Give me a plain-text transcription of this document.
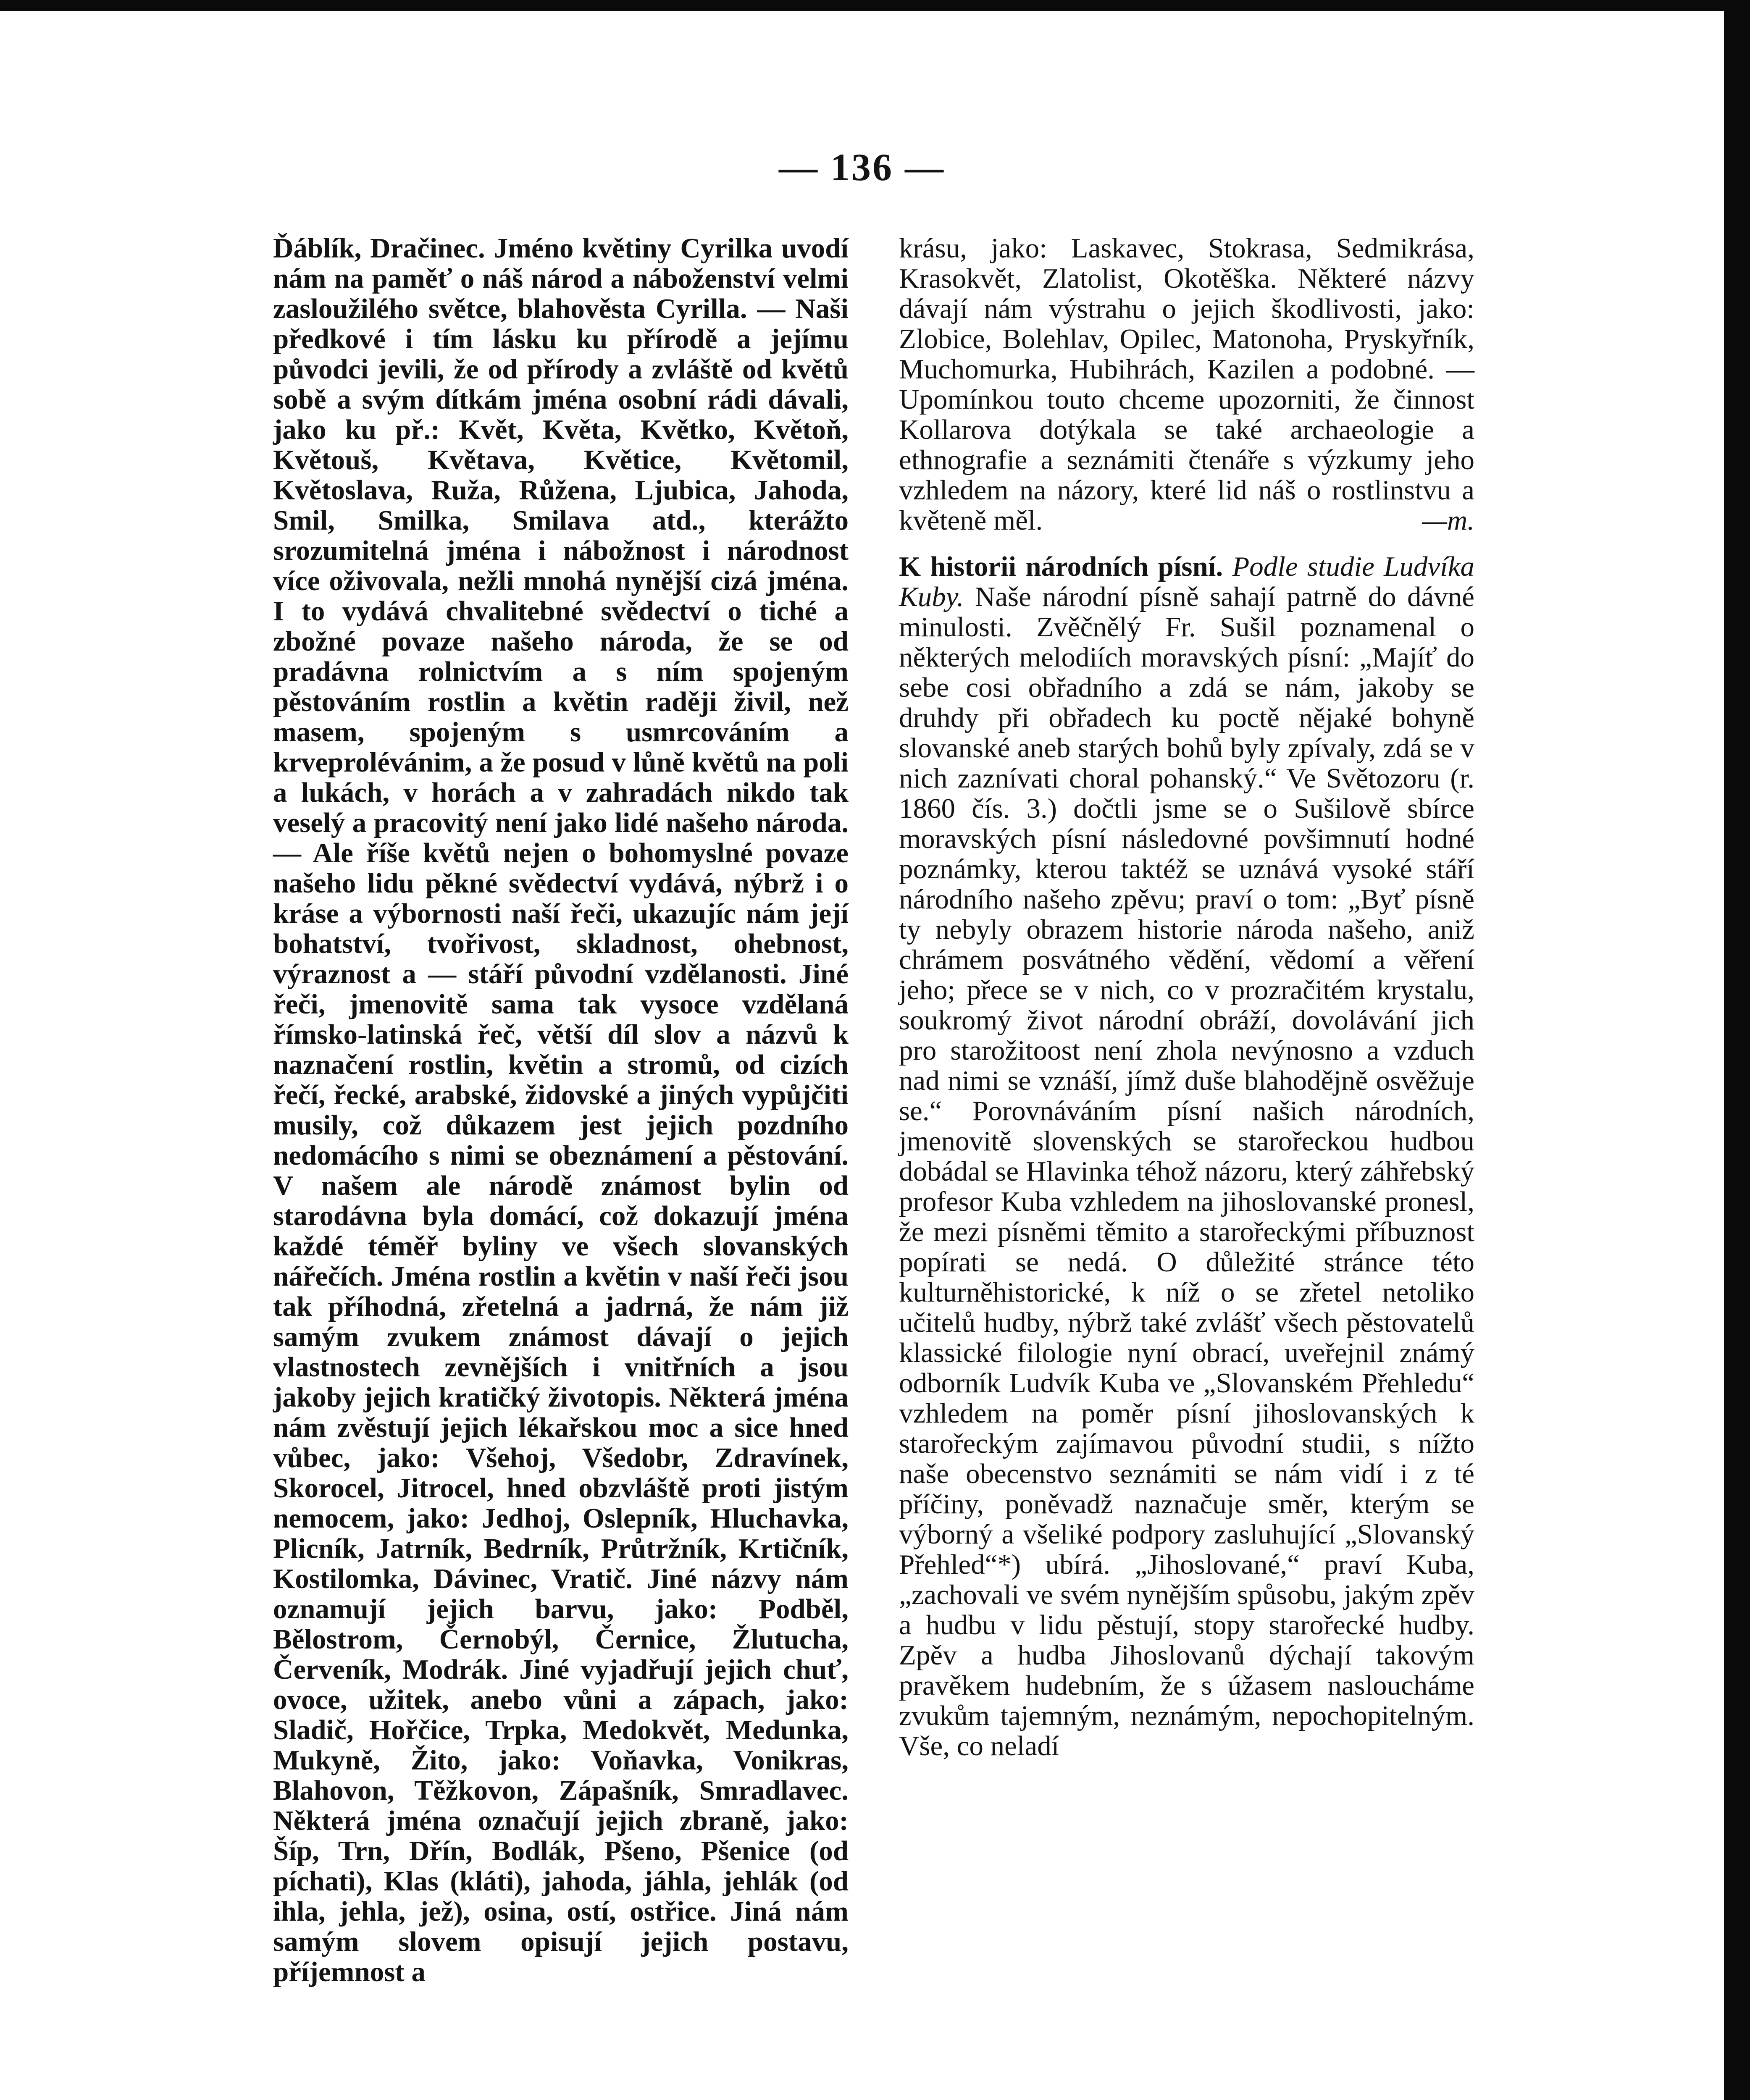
— 136 —
Ďáblík, Dračinec. Jméno květiny Cyrilka uvodí nám na paměť o náš národ a náboženství velmi zasloužilého světce, blahověsta Cyrilla. — Naši předkové i tím lásku ku přírodě a jejímu původci jevili, že od přírody a zvláště od květů sobě a svým dítkám jména osobní rádi dávali, jako ku př.: Květ, Květa, Květko, Květoň, Květouš, Květava, Květice, Květomil, Květoslava, Ruža, Růžena, Ljubica, Jahoda, Smil, Smilka, Smilava atd., kterážto srozumitelná jména i nábožnost i národnost více oživovala, nežli mnohá nynější cizá jména. I to vydává chvalitebné svědectví o tiché a zbožné povaze našeho národa, že se od pradávna rolnictvím a s ním spojeným pěstováním rostlin a květin raději živil, než masem, spojeným s usmrcováním a krveprolévánim, a že posud v lůně květů na poli a lukách, v horách a v zahradách nikdo tak veselý a pracovitý není jako lidé našeho národa. — Ale říše květů nejen o bohomyslné povaze našeho lidu pěkné svědectví vydává, nýbrž i o kráse a výbornosti naší řeči, ukazujíc nám její bohatství, tvořivost, skladnost, ohebnost, výraznost a — stáří původní vzdělanosti. Jiné řeči, jmenovitě sama tak vysoce vzdělaná římsko-latinská řeč, větší díl slov a názvů k naznačení rostlin, květin a stromů, od cizích řečí, řecké, arabské, židovské a jiných vypůjčiti musily, což důkazem jest jejich pozdního nedomácího s nimi se obeznámení a pěstování. V našem ale národě známost bylin od starodávna byla domácí, což dokazují jména každé téměř byliny ve všech slovanských nářečích. Jména rostlin a květin v naší řeči jsou tak příhodná, zřetelná a jadrná, že nám již samým zvukem známost dávají o jejich vlastnostech zevnějších i vnitřních a jsou jakoby jejich kratičký životopis. Některá jména nám zvěstují jejich lékařskou moc a sice hned vůbec, jako: Všehoj, Všedobr, Zdravínek, Skorocel, Jitrocel, hned obzvláště proti jistým nemocem, jako: Jedhoj, Oslepník, Hluchavka, Plicník, Jatrník, Bedrník, Průtržník, Krtičník, Kostilomka, Dávinec, Vratič. Jiné názvy nám oznamují jejich barvu, jako: Podběl, Bělostrom, Černobýl, Černice, Žlutucha, Červeník, Modrák. Jiné vyjadřují jejich chuť, ovoce, užitek, anebo vůni a zápach, jako: Sladič, Hořčice, Trpka, Medokvět, Medunka, Mukyně, Žito, jako: Voňavka, Vonikras, Blahovon, Těžkovon, Zápašník, Smradlavec. Některá jména označují jejich zbraně, jako: Šíp, Trn, Dřín, Bodlák, Pšeno, Pšenice (od píchati), Klas (kláti), jahoda, jáhla, jehlák (od ihla, jehla, jež), osina, ostí, ostřice. Jiná nám samým slovem opisují jejich postavu, příjemnost a
krásu, jako: Laskavec, Stokrasa, Sedmikrása, Krasokvět, Zlatolist, Okotěška. Některé názvy dávají nám výstrahu o jejich škodlivosti, jako: Zlobice, Bolehlav, Opilec, Matonoha, Pryskyřník, Muchomurka, Hubihrách, Kazilen a podobné. — Upomínkou touto chceme upozorniti, že činnost Kollarova dotýkala se také archaeologie a ethnografie a seznámiti čtenáře s výzkumy jeho vzhledem na názory, které lid náš o rostlinstvu a květeně měl.	—m.
K historii národních písní. Podle studie Ludvíka Kuby. Naše národní písně sahají patrně do dávné minulosti. Zvěčnělý Fr. Sušil poznamenal o některých melodiích moravských písní: „Majíť do sebe cosi obřadního a zdá se nám, jakoby se druhdy při obřadech ku poctě nějaké bohyně slovanské aneb starých bohů byly zpívaly, zdá se v nich zaznívati choral pohanský.“ Ve Světozoru (r. 1860 čís. 3.) dočtli jsme se o Sušilově sbírce moravských písní následovné povšimnutí hodné poznámky, kterou taktéž se uznává vysoké stáří národního našeho zpěvu; praví o tom: „Byť písně ty nebyly obrazem historie národa našeho, aniž chrámem posvátného vědění, vědomí a věření jeho; přece se v nich, co v prozračitém krystalu, soukromý život národní obráží, dovolávání jich pro starožitoost není zhola nevýnosno a vzduch nad nimi se vznáší, jímž duše blahodějně osvěžuje se.“ Porovnáváním písní našich národních, jmenovitě slovenských se starořeckou hudbou dobádal se Hlavinka téhož názoru, který záhřebský profesor Kuba vzhledem na jihoslovanské pronesl, že mezi písněmi těmito a starořeckými příbuznost popírati se nedá. O důležité stránce této kulturněhistorické, k níž o se zřetel netoliko učitelů hudby, nýbrž také zvlášť všech pěstovatelů klassické filologie nyní obrací, uveřejnil známý odborník Ludvík Kuba ve „Slovanském Přehledu“ vzhledem na poměr písní jihoslovanských k starořeckým zajímavou původní studii, s nížto naše obecenstvo seznámiti se nám vidí i z té příčiny, poněvadž naznačuje směr, kterým se výborný a všeliké podpory zasluhující „Slovanský Přehled“*) ubírá. „Jihoslované,“ praví Kuba, „zachovali ve svém nynějším spůsobu, jakým zpěv a hudbu v lidu pěstují, stopy starořecké hudby. Zpěv a hudba Jihoslovanů dýchají takovým pravěkem hudebním, že s úžasem nasloucháme zvukům tajemným, neznámým, nepochopitelným. Vše, co neladí
